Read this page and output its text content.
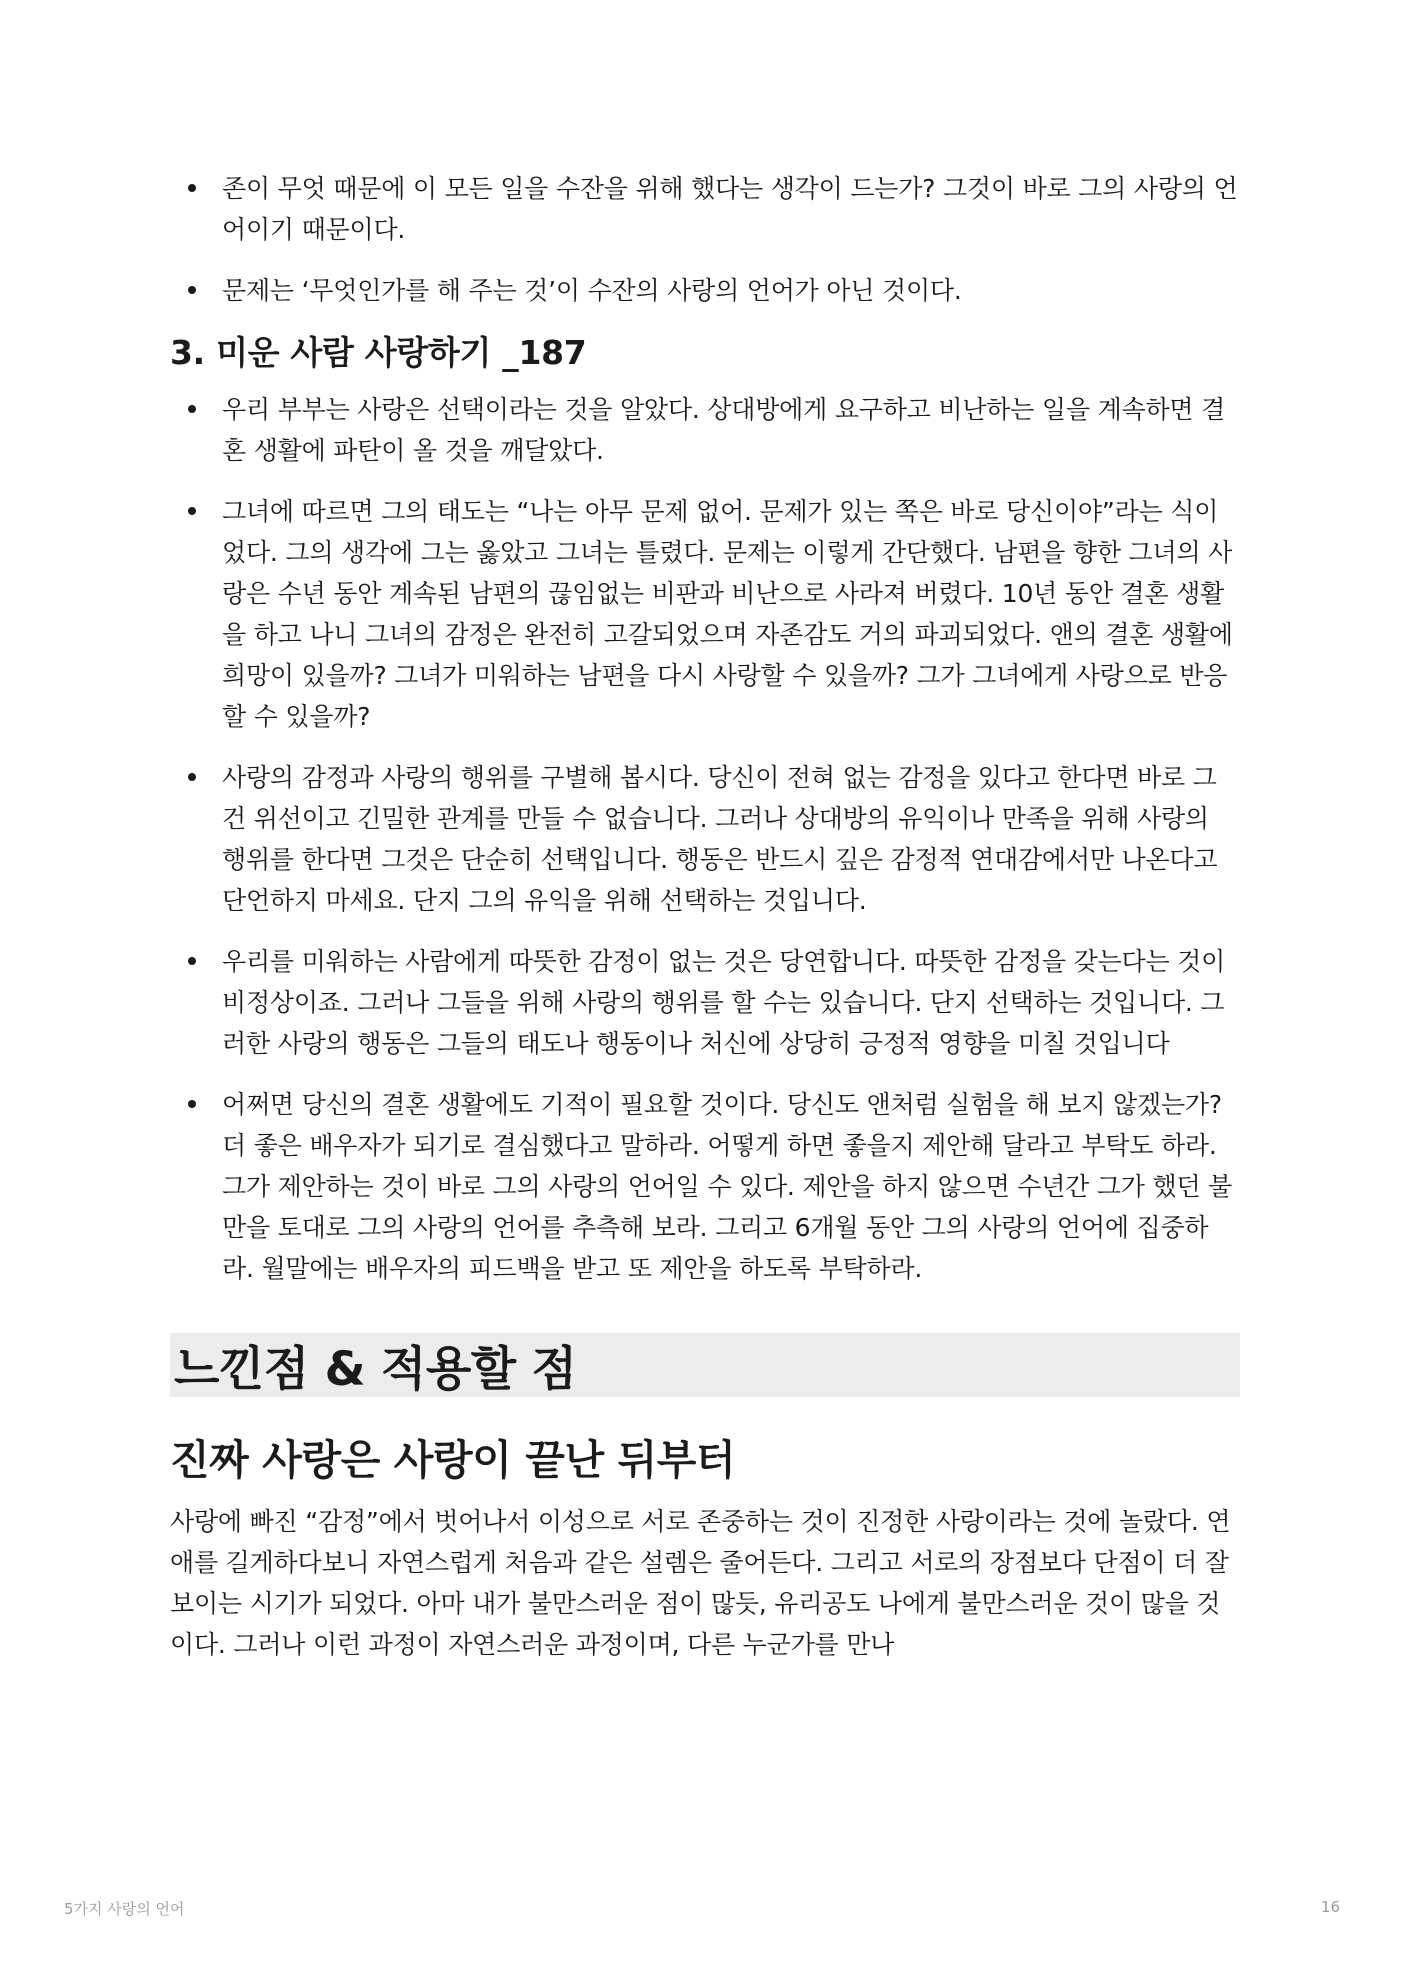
존이 무엇 때문에 이 모든 일을 수잔을 위해 했다는 생각이 드는가? 그것이 바로 그의 사랑의 언어이기 때문이다.
문제는 ‘무엇인가를 해 주는 것’이 수잔의 사랑의 언어가 아닌 것이다.
3. 미운 사람 사랑하기 _187
우리 부부는 사랑은 선택이라는 것을 알았다. 상대방에게 요구하고 비난하는 일을 계속하면 결혼 생활에 파탄이 올 것을 깨달았다.
그녀에 따르면 그의 태도는 “나는 아무 문제 없어. 문제가 있는 쪽은 바로 당신이야”라는 식이었다. 그의 생각에 그는 옳았고 그녀는 틀렸다. 문제는 이렇게 간단했다. 남편을 향한 그녀의 사랑은 수년 동안 계속된 남편의 끊임없는 비판과 비난으로 사라져 버렸다. 10년 동안 결혼 생활을 하고 나니 그녀의 감정은 완전히 고갈되었으며 자존감도 거의 파괴되었다. 앤의 결혼 생활에 희망이 있을까? 그녀가 미워하는 남편을 다시 사랑할 수 있을까? 그가 그녀에게 사랑으로 반응할 수 있을까?
사랑의 감정과 사랑의 행위를 구별해 봅시다. 당신이 전혀 없는 감정을 있다고 한다면 바로 그건 위선이고 긴밀한 관계를 만들 수 없습니다. 그러나 상대방의 유익이나 만족을 위해 사랑의 행위를 한다면 그것은 단순히 선택입니다. 행동은 반드시 깊은 감정적 연대감에서만 나온다고 단언하지 마세요. 단지 그의 유익을 위해 선택하는 것입니다.
우리를 미워하는 사람에게 따뜻한 감정이 없는 것은 당연합니다. 따뜻한 감정을 갖는다는 것이 비정상이죠. 그러나 그들을 위해 사랑의 행위를 할 수는 있습니다. 단지 선택하는 것입니다. 그러한 사랑의 행동은 그들의 태도나 행동이나 처신에 상당히 긍정적 영향을 미칠 것입니다
어쩌면 당신의 결혼 생활에도 기적이 필요할 것이다. 당신도 앤처럼 실험을 해 보지 않겠는가? 더 좋은 배우자가 되기로 결심했다고 말하라. 어떻게 하면 좋을지 제안해 달라고 부탁도 하라. 그가 제안하는 것이 바로 그의 사랑의 언어일 수 있다. 제안을 하지 않으면 수년간 그가 했던 불만을 토대로 그의 사랑의 언어를 추측해 보라. 그리고 6개월 동안 그의 사랑의 언어에 집중하라. 월말에는 배우자의 피드백을 받고 또 제안을 하도록 부탁하라.
느낀점 & 적용할 점
진짜 사랑은 사랑이 끝난 뒤부터

사랑에 빠진 “감정”에서 벗어나서 이성으로 서로 존중하는 것이 진정한 사랑이라는 것에 놀랐다. 연애를 길게하다보니 자연스럽게 처음과 같은 설렘은 줄어든다. 그리고 서로의 장점보다 단점이 더 잘 보이는 시기가 되었다. 아마 내가 불만스러운 점이 많듯, 유리공도 나에게 불만스러운 것이 많을 것이다. 그러나 이런 과정이 자연스러운 과정이며, 다른 누군가를 만나

5가지 사랑의 언어	16
